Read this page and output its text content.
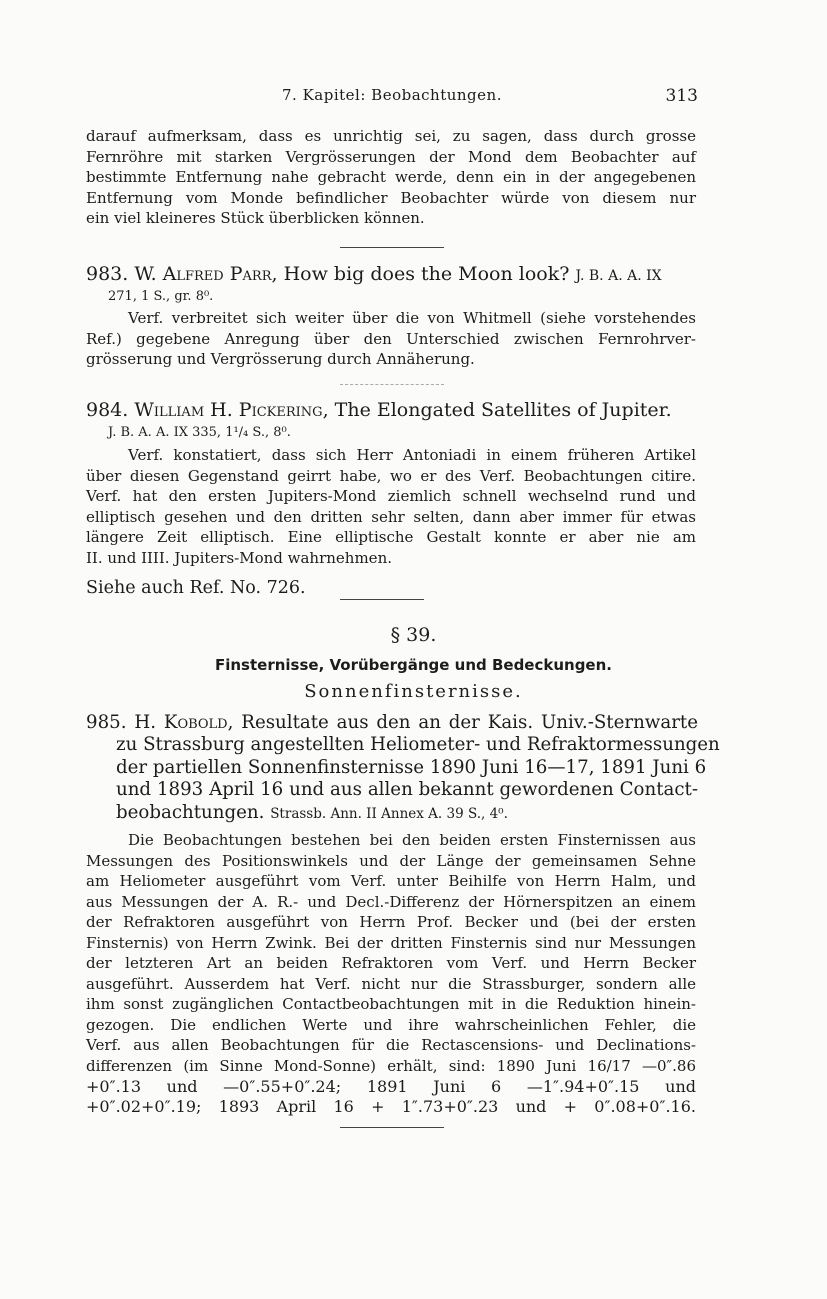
7. Kapitel: Beobachtungen.	313
darauf aufmerksam, dass es unrichtig sei, zu sagen, dass durch grosse
Fernröhre mit starken Vergrösserungen der Mond dem Beobachter auf
bestimmte Entfernung nahe gebracht werde, denn ein in der angegebenen
Entfernung vom Monde befindlicher Beobachter würde von diesem nur
ein viel kleineres Stück überblicken können.
983. W. Alfred Parr, How big does the Moon look? J. B. A. A. IX
271, 1 S., gr. 8⁰.
Verf. verbreitet sich weiter über die von Whitmell (siehe vorstehendes
Ref.) gegebene Anregung über den Unterschied zwischen Fernrohrver-
grösserung und Vergrösserung durch Annäherung.
984. William H. Pickering, The Elongated Satellites of Jupiter.
J. B. A. A. IX 335, 1¹/₄ S., 8⁰.
Verf. konstatiert, dass sich Herr Antoniadi in einem früheren Artikel
über diesen Gegenstand geirrt habe, wo er des Verf. Beobachtungen citire.
Verf. hat den ersten Jupiters-Mond ziemlich schnell wechselnd rund und
elliptisch gesehen und den dritten sehr selten, dann aber immer für etwas
längere Zeit elliptisch. Eine elliptische Gestalt konnte er aber nie am
II. und IIII. Jupiters-Mond wahrnehmen.
Siehe auch Ref. No. 726.
§ 39.
Finsternisse, Vorübergänge und Bedeckungen.
Sonnenfinsternisse.
985. H. Kobold, Resultate aus den an der Kais. Univ.-Sternwarte
zu Strassburg angestellten Heliometer- und Refraktormessungen
der partiellen Sonnenfinsternisse 1890 Juni 16—17, 1891 Juni 6
und 1893 April 16 und aus allen bekannt gewordenen Contact-
beobachtungen. Strassb. Ann. II Annex A. 39 S., 4⁰.
Die Beobachtungen bestehen bei den beiden ersten Finsternissen aus
Messungen des Positionswinkels und der Länge der gemeinsamen Sehne
am Heliometer ausgeführt vom Verf. unter Beihilfe von Herrn Halm, und
aus Messungen der A. R.- und Decl.-Differenz der Hörnerspitzen an einem
der Refraktoren ausgeführt von Herrn Prof. Becker und (bei der ersten
Finsternis) von Herrn Zwink. Bei der dritten Finsternis sind nur Messungen
der letzteren Art an beiden Refraktoren vom Verf. und Herrn Becker
ausgeführt. Ausserdem hat Verf. nicht nur die Strassburger, sondern alle
ihm sonst zugänglichen Contactbeobachtungen mit in die Reduktion hinein-
gezogen. Die endlichen Werte und ihre wahrscheinlichen Fehler, die
Verf. aus allen Beobachtungen für die Rectascensions- und Declinations-
differenzen (im Sinne Mond-Sonne) erhält, sind: 1890 Juni 16/17 —0″.86
+0″.13 und —0″.55+0″.24; 1891 Juni 6 —1″.94+0″.15 und
+0″.02+0″.19; 1893 April 16 + 1″.73+0″.23 und + 0″.08+0″.16.
